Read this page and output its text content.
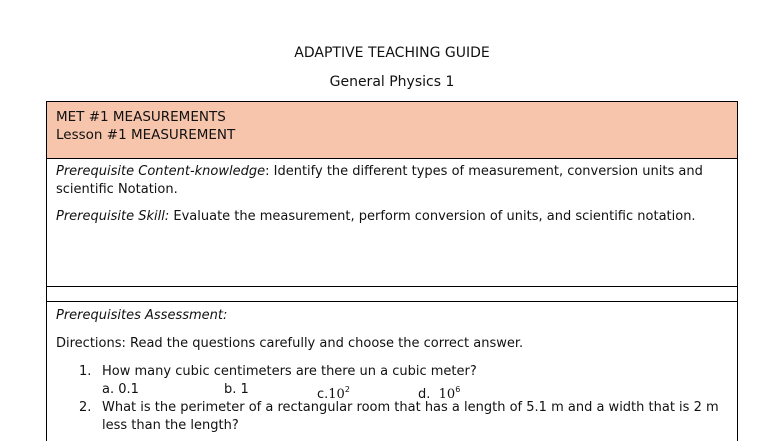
ADAPTIVE TEACHING GUIDE
General Physics 1
MET #1 MEASUREMENTS
Lesson #1 MEASUREMENT

Prerequisite Content-knowledge: Identify the different types of measurement, conversion units and scientific Notation.

Prerequisite Skill: Evaluate the measurement, perform conversion of units, and scientific notation.

Prerequisites Assessment:

Directions: Read the questions carefully and choose the correct answer.

1. How many cubic centimeters are there un a cubic meter?
a. 0.1	b. 1	$c.10^2$	d. $10^6$
2. What is the perimeter of a rectangular room that has a length of 5.1 m and a width that is 2 m less than the length?
